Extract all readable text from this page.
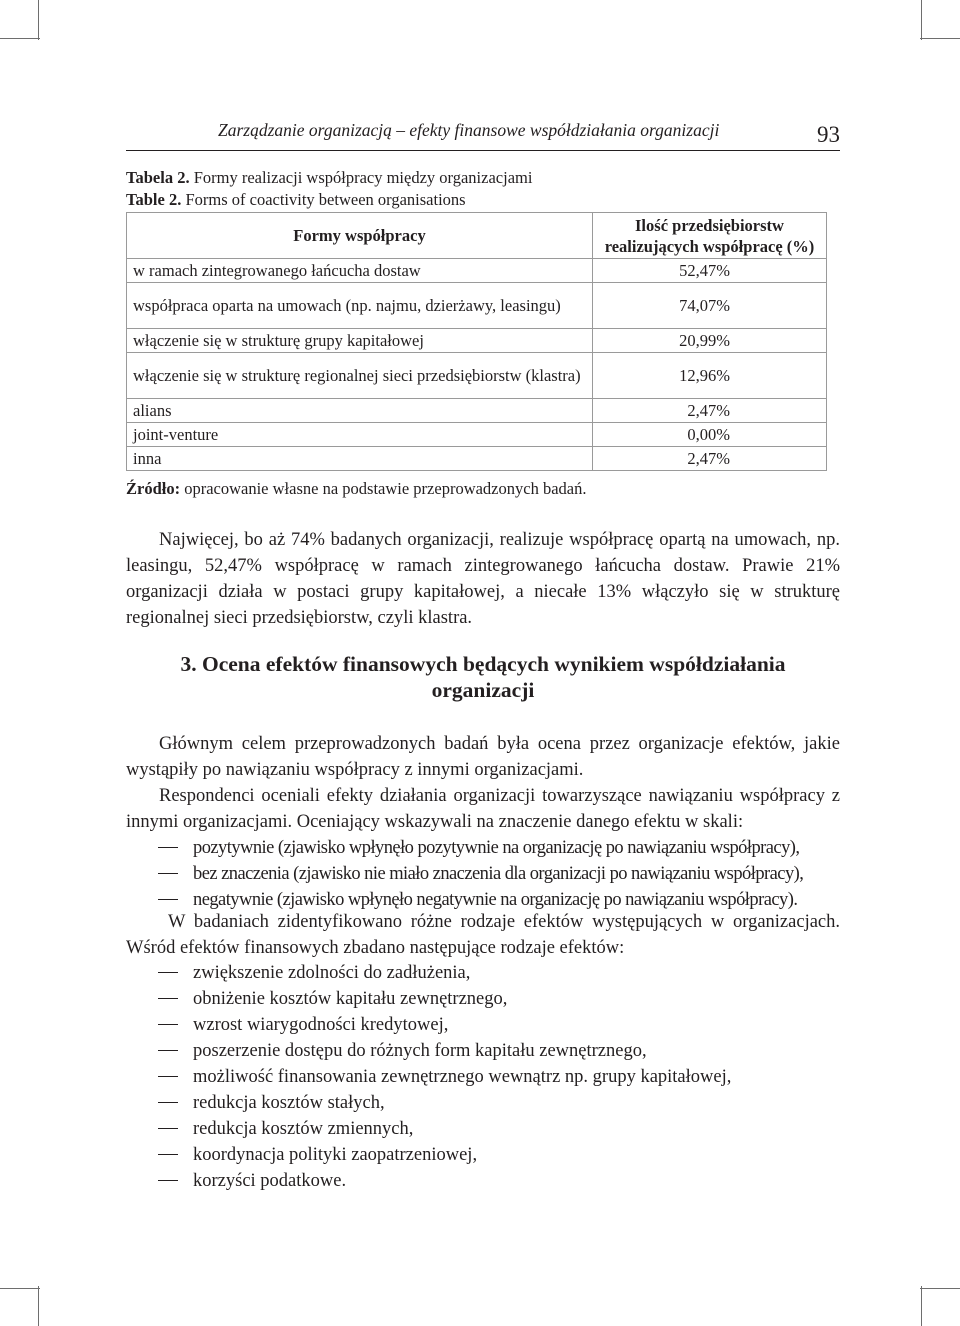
Zarządzanie organizacją – efekty finansowe współdziałania organizacji	93
Tabela 2. Formy realizacji współpracy między organizacjami
Table 2. Forms of coactivity between organisations
Formy współpracy	Ilość przedsiębiorstw
realizujących współpracę (%)

w ramach zintegrowanego łańcucha dostaw	52,47%
współpraca oparta na umowach (np. najmu, dzierżawy, leasingu)	74,07%
włączenie się w strukturę grupy kapitałowej	20,99%
włączenie się w strukturę regionalnej sieci przedsiębiorstw (klastra)	12,96%
alians	2,47%
joint-venture	0,00%
inna	2,47%
Źródło: opracowanie własne na podstawie przeprowadzonych badań.
Najwięcej, bo aż 74% badanych organizacji, realizuje współpracę opartą na umowach, np. leasingu, 52,47% współpracę w ramach zintegrowanego łańcucha dostaw. Prawie 21% organizacji działa w postaci grupy kapitałowej, a niecałe 13% włączyło się w strukturę regionalnej sieci przedsiębiorstw, czyli klastra.
3. Ocena efektów finansowych będących wynikiem współdziałania
organizacji
Głównym celem przeprowadzonych badań była ocena przez organizacje efektów, jakie wystąpiły po nawiązaniu współpracy z innymi organizacjami.
Respondenci oceniali efekty działania organizacji towarzyszące nawiązaniu współpracy z innymi organizacjami. Oceniający wskazywali na znaczenie danego efektu w skali:
pozytywnie (zjawisko wpłynęło pozytywnie na organizację po nawiązaniu współpracy),
bez znaczenia (zjawisko nie miało znaczenia dla organizacji po nawiązaniu współpracy),
negatywnie (zjawisko wpłynęło negatywnie na organizację po nawiązaniu współpracy).
W badaniach zidentyfikowano różne rodzaje efektów występujących w organizacjach. Wśród efektów finansowych zbadano następujące rodzaje efektów:
zwiększenie zdolności do zadłużenia,
obniżenie kosztów kapitału zewnętrznego,
wzrost wiarygodności kredytowej,
poszerzenie dostępu do różnych form kapitału zewnętrznego,
możliwość finansowania zewnętrznego wewnątrz np. grupy kapitałowej,
redukcja kosztów stałych,
redukcja kosztów zmiennych,
koordynacja polityki zaopatrzeniowej,
korzyści podatkowe.
